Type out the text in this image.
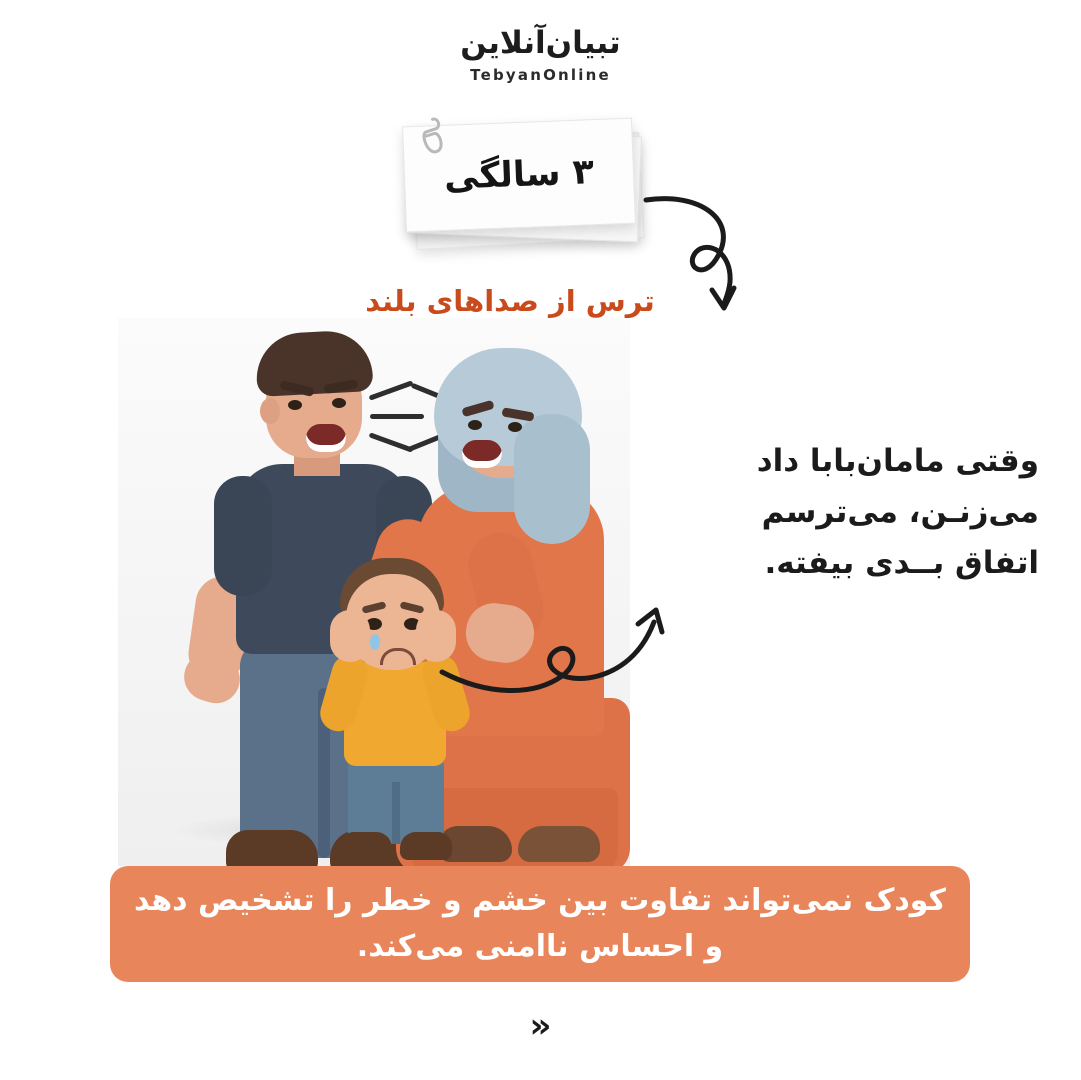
تبیان‌آنلاین
TebyanOnline
۳ سالگی
ترس از صداهای بلند
وقتی مامان‌بابا داد
می‌زنـن، می‌ترسم
اتفاق بــدی بیفته.
کودک نمی‌تواند تفاوت بین خشم و خطر را تشخیص دهد و احساس ناامنی می‌کند.
»
